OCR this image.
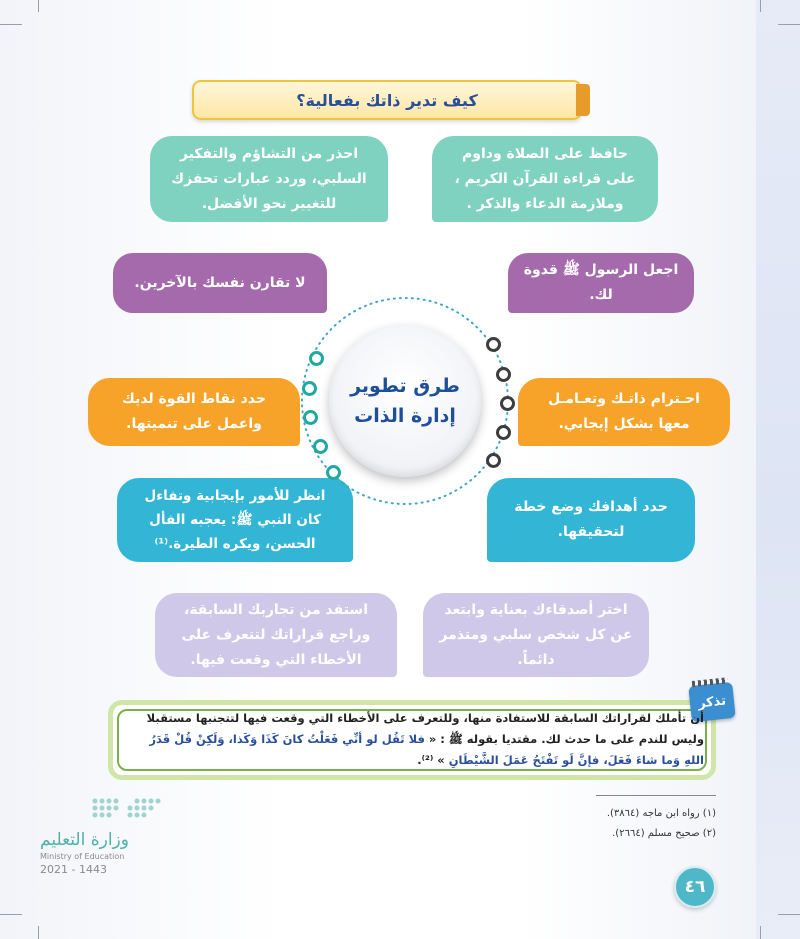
كيف تدير ذاتك بفعالية؟
حافظ على الصلاة وداوم على قراءة القرآن الكريم ، وملازمة الدعاء والذكر .
احذر من التشاؤم والتفكير السلبي، وردد عبارات تحفزك للتغيير نحو الأفضل.
اجعل الرسول ﷺ قدوة لك.
لا تقارن نفسك بالآخرين.
احـترام ذاتـك وتعـامـل معها بشكل إيجابي.
حدد نقاط القوة لديك واعمل على تنميتها.
حدد أهدافك وضع خطة لتحقيقها.
انظر للأمور بإيجابية وتفاءل كان النبي ﷺ: يعجبه الفأل الحسن، ويكره الطيرة.⁽¹⁾
اختر أصدقاءك بعناية وابتعد عن كل شخص سلبي ومتذمر دائماً.
استفد من تجاربك السابقة، وراجع قراراتك لتتعرف على الأخطاء التي وقعت فيها.
طرق تطوير
إدارة الذات
تذكر
أن تأملك لقراراتك السابقة للاستفادة منها، وللتعرف على الأخطاء التي وقعت فيها لتتجنبها مستقبلا وليس للندم على ما حدث لك. مقتديا بقوله ﷺ : « فلا تَقُل لو أنِّي فَعَلْتُ كانَ كَذَا وَكَذا، وَلَكِنْ قُلْ قَدَرُ اللهِ وَما شاءَ فَعَلَ، فإنَّ لَو تَفْتَحُ عَمَلَ الشَّيْطَانِ » ⁽²⁾.
(١) رواه ابن ماجه (٣٨٦٤).
(٢) صحيح مسلم (٢٦٦٤).
وزارة التعليم
Ministry of Education
2021 - 1443
٤٦
